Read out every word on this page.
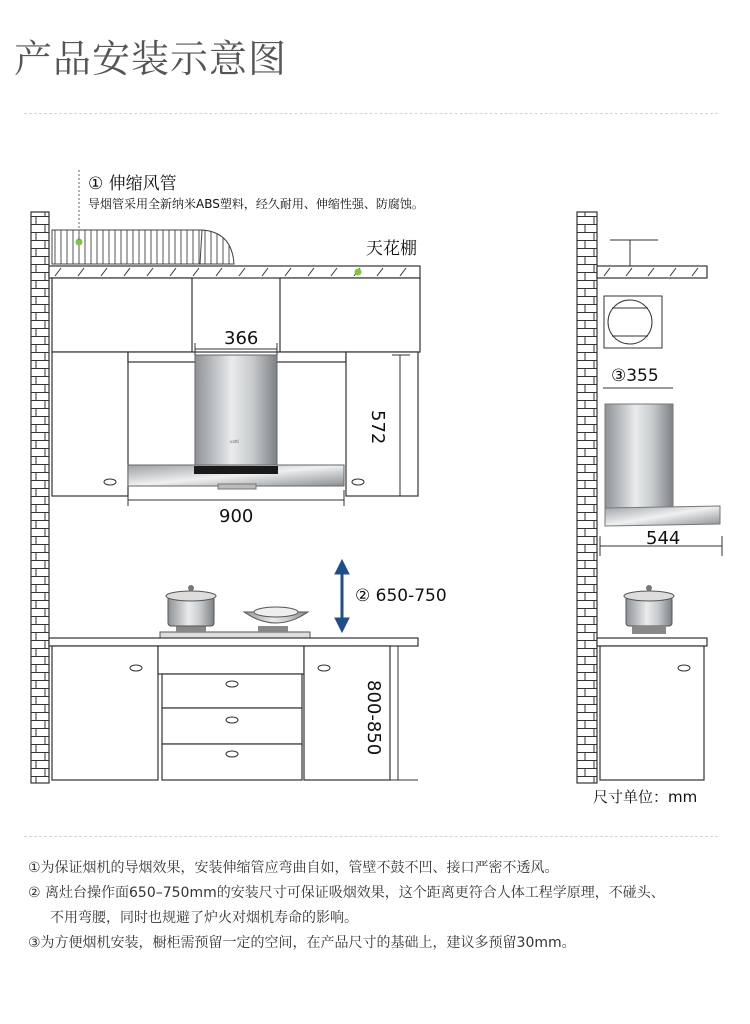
产品安装示意图
① 伸缩风管
导烟管采用全新纳米ABS塑料，经久耐用、伸缩性强、防腐蚀。
天花棚
vatti
366
572
900
② 650-750
800-850
③355
544
尺寸单位：mm
①为保证烟机的导烟效果，安装伸缩管应弯曲自如，管壁不鼓不凹、接口严密不透风。
② 离灶台操作面650–750mm的安装尺寸可保证吸烟效果，这个距离更符合人体工程学原理，不碰头、
不用弯腰，同时也规避了炉火对烟机寿命的影响。
③为方便烟机安装，橱柜需预留一定的空间，在产品尺寸的基础上，建议多预留30mm。
